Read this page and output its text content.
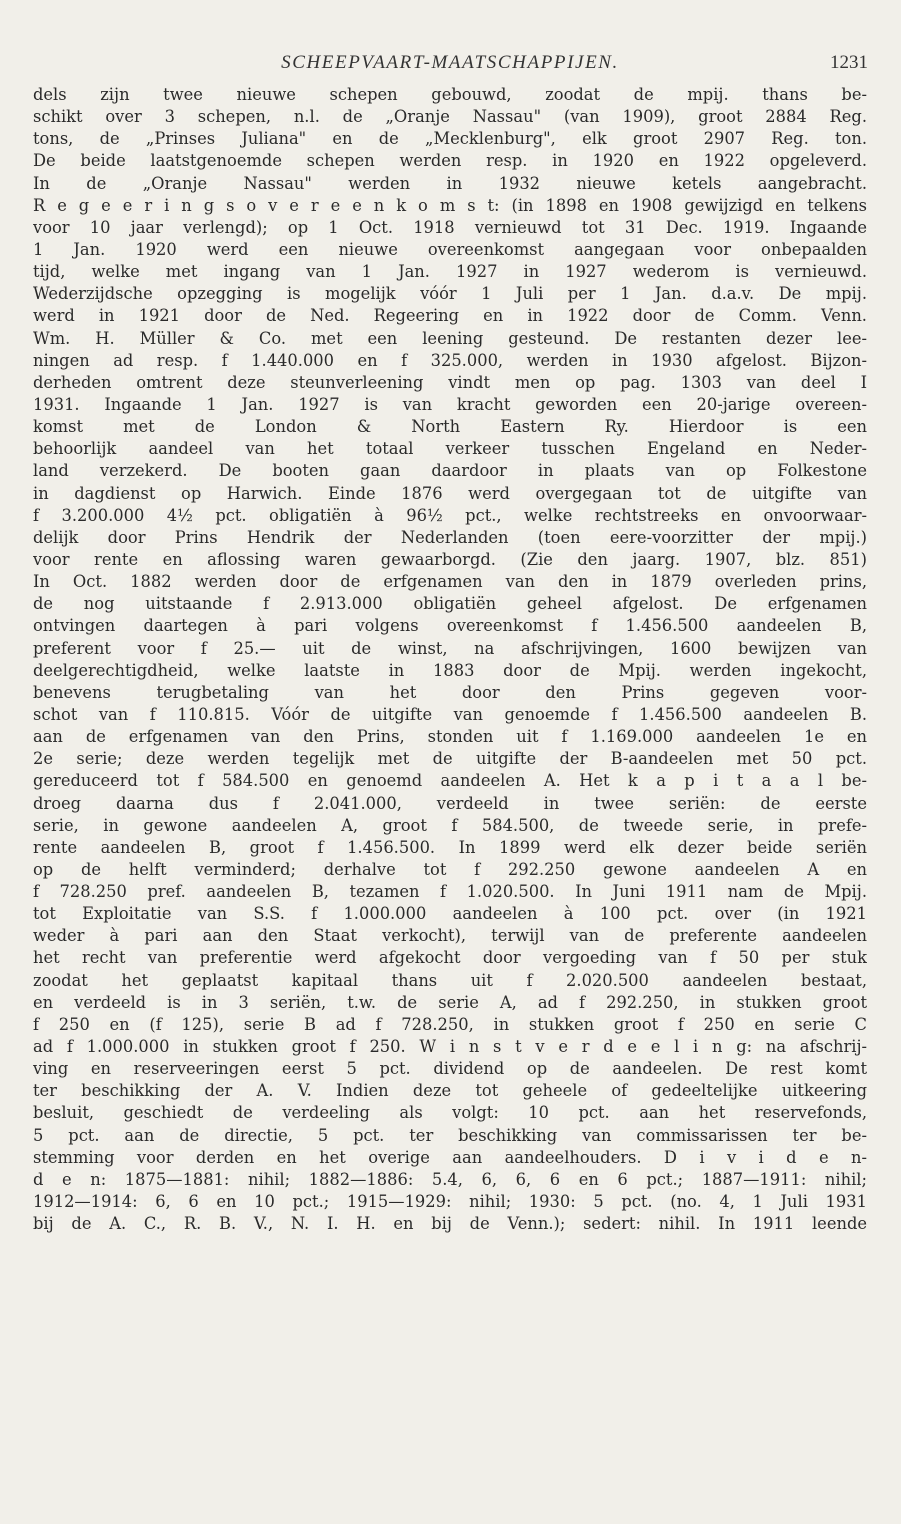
SCHEEPVAART-MAATSCHAPPIJEN.	1231
dels zijn twee nieuwe schepen gebouwd, zoodat de mpij. thans be-
schikt over 3 schepen, n.l. de „Oranje Nassau" (van 1909), groot 2884 Reg.
tons, de „Prinses Juliana" en de „Mecklenburg", elk groot 2907 Reg. ton.
De beide laatstgenoemde schepen werden resp. in 1920 en 1922 opgeleverd.
In de „Oranje Nassau" werden in 1932 nieuwe ketels aangebracht.
R e g e e r i n g s o v e r e e n k o m s t: (in 1898 en 1908 gewijzigd en telkens
voor 10 jaar verlengd); op 1 Oct. 1918 vernieuwd tot 31 Dec. 1919. Ingaande
1 Jan. 1920 werd een nieuwe overeenkomst aangegaan voor onbepaalden
tijd, welke met ingang van 1 Jan. 1927 in 1927 wederom is vernieuwd.
Wederzijdsche opzegging is mogelijk vóór 1 Juli per 1 Jan. d.a.v. De mpij.
werd in 1921 door de Ned. Regeering en in 1922 door de Comm. Venn.
Wm. H. Müller & Co. met een leening gesteund. De restanten dezer lee-
ningen ad resp. f 1.440.000 en f 325.000, werden in 1930 afgelost. Bijzon-
derheden omtrent deze steunverleening vindt men op pag. 1303 van deel I
1931. Ingaande 1 Jan. 1927 is van kracht geworden een 20-jarige overeen-
komst met de London & North Eastern Ry. Hierdoor is een
behoorlijk aandeel van het totaal verkeer tusschen Engeland en Neder-
land verzekerd. De booten gaan daardoor in plaats van op Folkestone
in dagdienst op Harwich. Einde 1876 werd overgegaan tot de uitgifte van
f 3.200.000 4½ pct. obligatiën à 96½ pct., welke rechtstreeks en onvoorwaar-
delijk door Prins Hendrik der Nederlanden (toen eere-voorzitter der mpij.)
voor rente en aflossing waren gewaarborgd. (Zie den jaarg. 1907, blz. 851)
In Oct. 1882 werden door de erfgenamen van den in 1879 overleden prins,
de nog uitstaande f 2.913.000 obligatiën geheel afgelost. De erfgenamen
ontvingen daartegen à pari volgens overeenkomst f 1.456.500 aandeelen B,
preferent voor f 25.— uit de winst, na afschrijvingen, 1600 bewijzen van
deelgerechtigdheid, welke laatste in 1883 door de Mpij. werden ingekocht,
benevens terugbetaling van het door den Prins gegeven voor-
schot van f 110.815. Vóór de uitgifte van genoemde f 1.456.500 aandeelen B.
aan de erfgenamen van den Prins, stonden uit f 1.169.000 aandeelen 1e en
2e serie; deze werden tegelijk met de uitgifte der B-aandeelen met 50 pct.
gereduceerd tot f 584.500 en genoemd aandeelen A. Het k a p i t a a l be-
droeg daarna dus f 2.041.000, verdeeld in twee seriën: de eerste
serie, in gewone aandeelen A, groot f 584.500, de tweede serie, in prefe-
rente aandeelen B, groot f 1.456.500. In 1899 werd elk dezer beide seriën
op de helft verminderd; derhalve tot f 292.250 gewone aandeelen A en
f 728.250 pref. aandeelen B, tezamen f 1.020.500. In Juni 1911 nam de Mpij.
tot Exploitatie van S.S. f 1.000.000 aandeelen à 100 pct. over (in 1921
weder à pari aan den Staat verkocht), terwijl van de preferente aandeelen
het recht van preferentie werd afgekocht door vergoeding van f 50 per stuk
zoodat het geplaatst kapitaal thans uit f 2.020.500 aandeelen bestaat,
en verdeeld is in 3 seriën, t.w. de serie A, ad f 292.250, in stukken groot
f 250 en (f 125), serie B ad f 728.250, in stukken groot f 250 en serie C
ad f 1.000.000 in stukken groot f 250. W i n s t v e r d e e l i n g: na afschrij-
ving en reserveeringen eerst 5 pct. dividend op de aandeelen. De rest komt
ter beschikking der A. V. Indien deze tot geheele of gedeeltelijke uitkeering
besluit, geschiedt de verdeeling als volgt: 10 pct. aan het reservefonds,
5 pct. aan de directie, 5 pct. ter beschikking van commissarissen ter be-
stemming voor derden en het overige aan aandeelhouders. D i v i d e n-
d e n: 1875—1881: nihil; 1882—1886: 5.4, 6, 6, 6 en 6 pct.; 1887—1911: nihil;
1912—1914: 6, 6 en 10 pct.; 1915—1929: nihil; 1930: 5 pct. (no. 4, 1 Juli 1931
bij de A. C., R. B. V., N. I. H. en bij de Venn.); sedert: nihil. In 1911 leende
